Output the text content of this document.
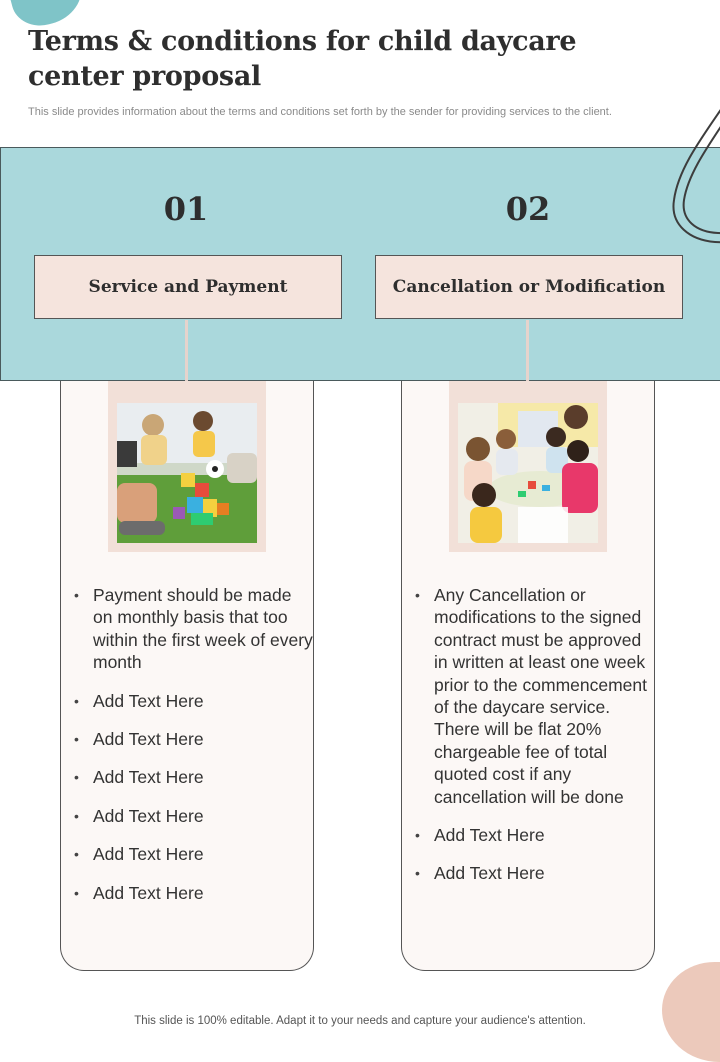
Terms & conditions for child daycare center proposal
This slide provides information about the terms and conditions set forth by the sender for providing services to the client.
01
Service and Payment
• Payment should be made on monthly basis that too within the first week of every month
• Add Text Here
• Add Text Here
• Add Text Here
• Add Text Here
• Add Text Here
• Add Text Here
02
Cancellation or Modification
• Any Cancellation or modifications to the signed contract must be approved in written at least one week prior to the commencement of the daycare service. There will be flat 20% chargeable fee of total quoted cost if any cancellation will be done
• Add Text Here
• Add Text Here
This slide is 100% editable. Adapt it to your needs and capture your audience's attention.
